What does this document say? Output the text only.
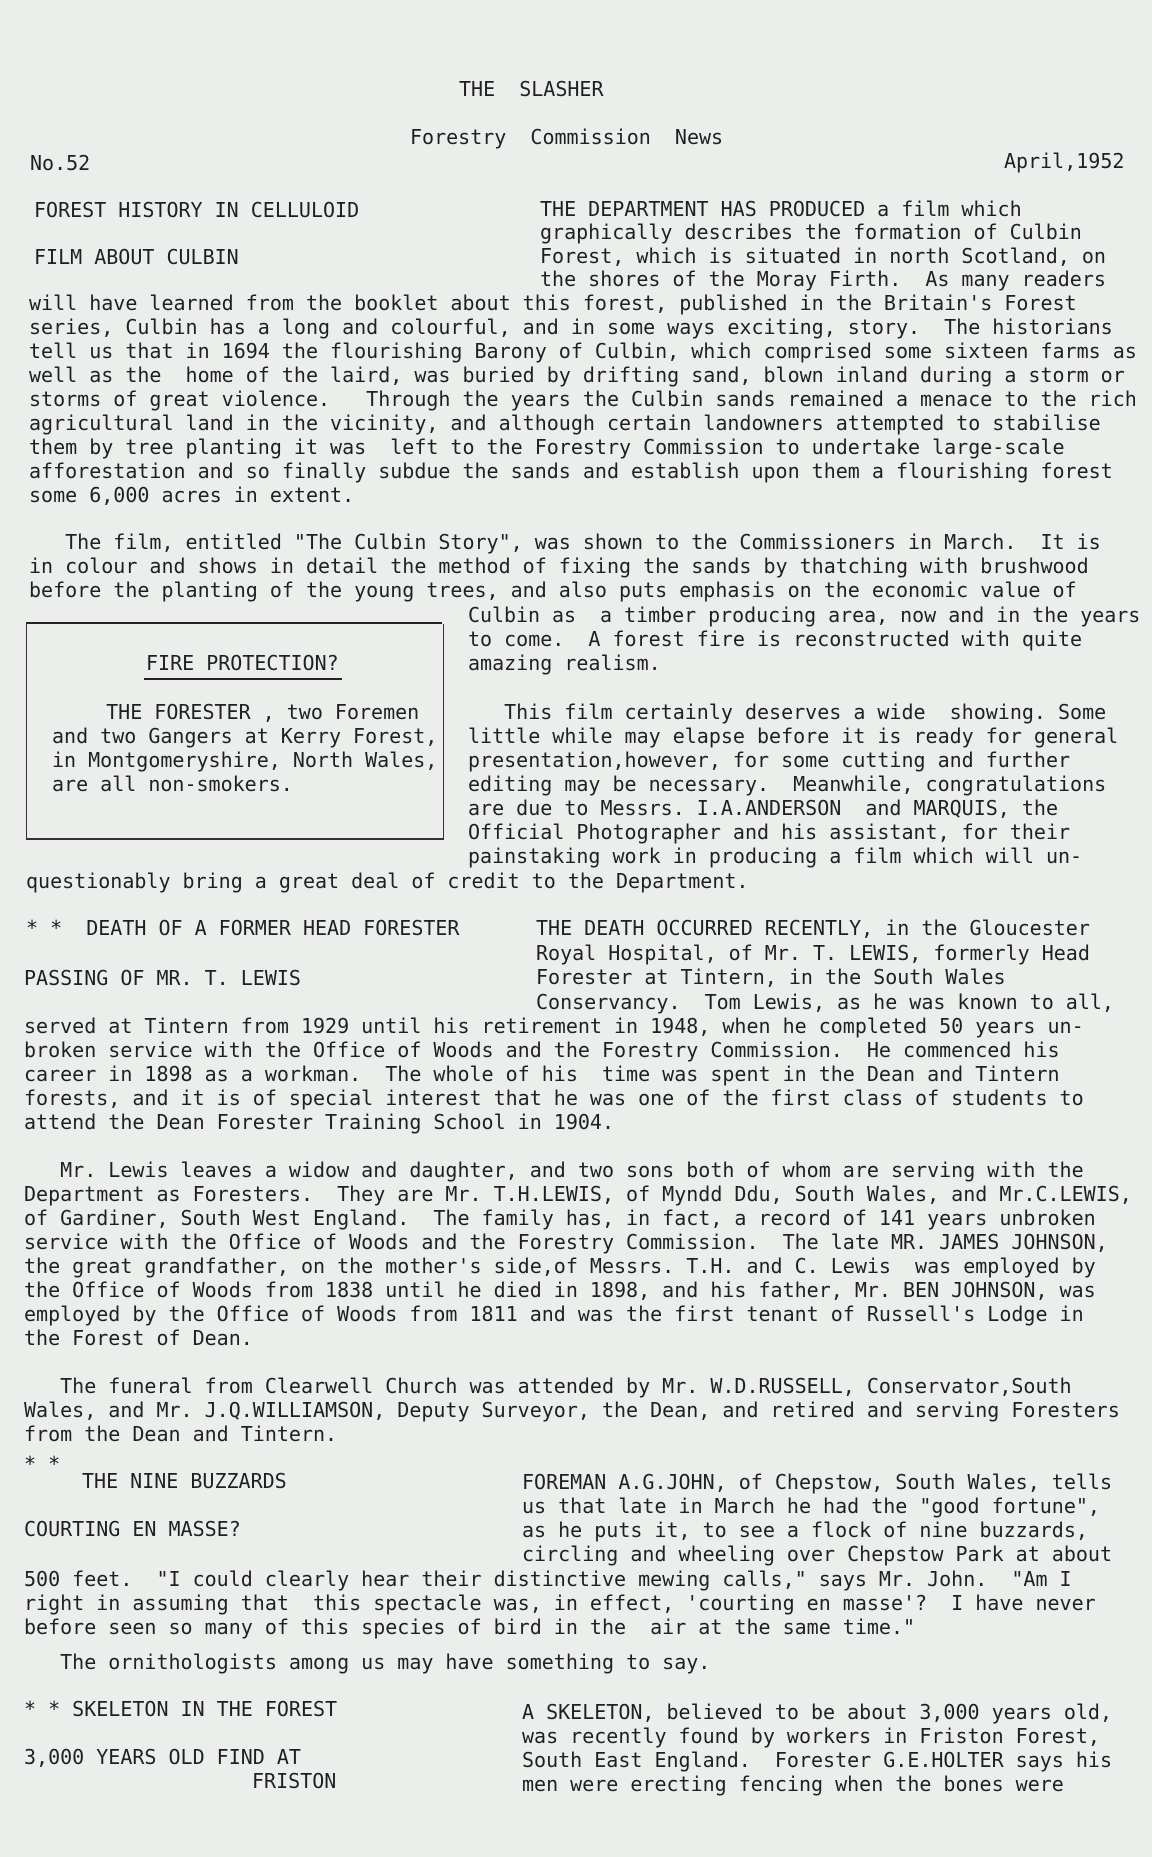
THE  SLASHER
Forestry  Commission  News
No.52	April,1952
FOREST HISTORY IN CELLULOID
FILM ABOUT CULBIN
THE DEPARTMENT HAS PRODUCED a film which
graphically describes the formation of Culbin
Forest, which is situated in north Scotland, on
the shores of the Moray Firth.  As many readers
will have learned from the booklet about this forest, published in the Britain's Forest
series, Culbin has a long and colourful, and in some ways exciting, story.  The historians
tell us that in 1694 the flourishing Barony of Culbin, which comprised some sixteen farms as
well as the  home of the laird, was buried by drifting sand, blown inland during a storm or
storms of great violence.   Through the years the Culbin sands remained a menace to the rich
agricultural land in the vicinity, and although certain landowners attempted to stabilise
them by tree planting it was  left to the Forestry Commission to undertake large-scale
afforestation and so finally subdue the sands and establish upon them a flourishing forest
some 6,000 acres in extent.
The film, entitled "The Culbin Story", was shown to the Commissioners in March.  It is
in colour and shows in detail the method of fixing the sands by thatching with brushwood
before the planting of the young trees, and also puts emphasis on the economic value of
Culbin as  a timber producing area, now and in the years
to come.  A forest fire is reconstructed with quite
amazing realism.
This film certainly deserves a wide  showing. Some
little while may elapse before it is ready for general
presentation,however, for some cutting and further
editing may be necessary.  Meanwhile, congratulations
are due to Messrs. I.A.ANDERSON  and MARQUIS, the
Official Photographer and his assistant, for their
painstaking work in producing a film which will un-
questionably bring a great deal of credit to the Department.
FIRE PROTECTION?
THE FORESTER , two Foremen
and two Gangers at Kerry Forest,
in Montgomeryshire, North Wales,
are all non-smokers.
* *  DEATH OF A FORMER HEAD FORESTER
PASSING OF MR. T. LEWIS
THE DEATH OCCURRED RECENTLY, in the Gloucester
Royal Hospital, of Mr. T. LEWIS, formerly Head
Forester at Tintern, in the South Wales
Conservancy.  Tom Lewis, as he was known to all,
served at Tintern from 1929 until his retirement in 1948, when he completed 50 years un-
broken service with the Office of Woods and the Forestry Commission.  He commenced his
career in 1898 as a workman.  The whole of his  time was spent in the Dean and Tintern
forests, and it is of special interest that he was one of the first class of students to
attend the Dean Forester Training School in 1904.
Mr. Lewis leaves a widow and daughter, and two sons both of whom are serving with the
Department as Foresters.  They are Mr. T.H.LEWIS, of Myndd Ddu, South Wales, and Mr.C.LEWIS,
of Gardiner, South West England.  The family has, in fact, a record of 141 years unbroken
service with the Office of Woods and the Forestry Commission.  The late MR. JAMES JOHNSON,
the great grandfather, on the mother's side,of Messrs. T.H. and C. Lewis  was employed by
the Office of Woods from 1838 until he died in 1898, and his father, Mr. BEN JOHNSON, was
employed by the Office of Woods from 1811 and was the first tenant of Russell's Lodge in
the Forest of Dean.
The funeral from Clearwell Church was attended by Mr. W.D.RUSSELL, Conservator,South
Wales, and Mr. J.Q.WILLIAMSON, Deputy Surveyor, the Dean, and retired and serving Foresters
from the Dean and Tintern.
* *
THE NINE BUZZARDS
COURTING EN MASSE?
FOREMAN A.G.JOHN, of Chepstow, South Wales, tells
us that late in March he had the "good fortune",
as he puts it, to see a flock of nine buzzards,
circling and wheeling over Chepstow Park at about
500 feet.  "I could clearly hear their distinctive mewing calls," says Mr. John.  "Am I
right in assuming that  this spectacle was, in effect, 'courting en masse'?  I have never
before seen so many of this species of bird in the  air at the same time."
The ornithologists among us may have something to say.
* * SKELETON IN THE FOREST
3,000 YEARS OLD FIND AT
FRISTON
A SKELETON, believed to be about 3,000 years old,
was recently found by workers in Friston Forest,
South East England.  Forester G.E.HOLTER says his
men were erecting fencing when the bones were
